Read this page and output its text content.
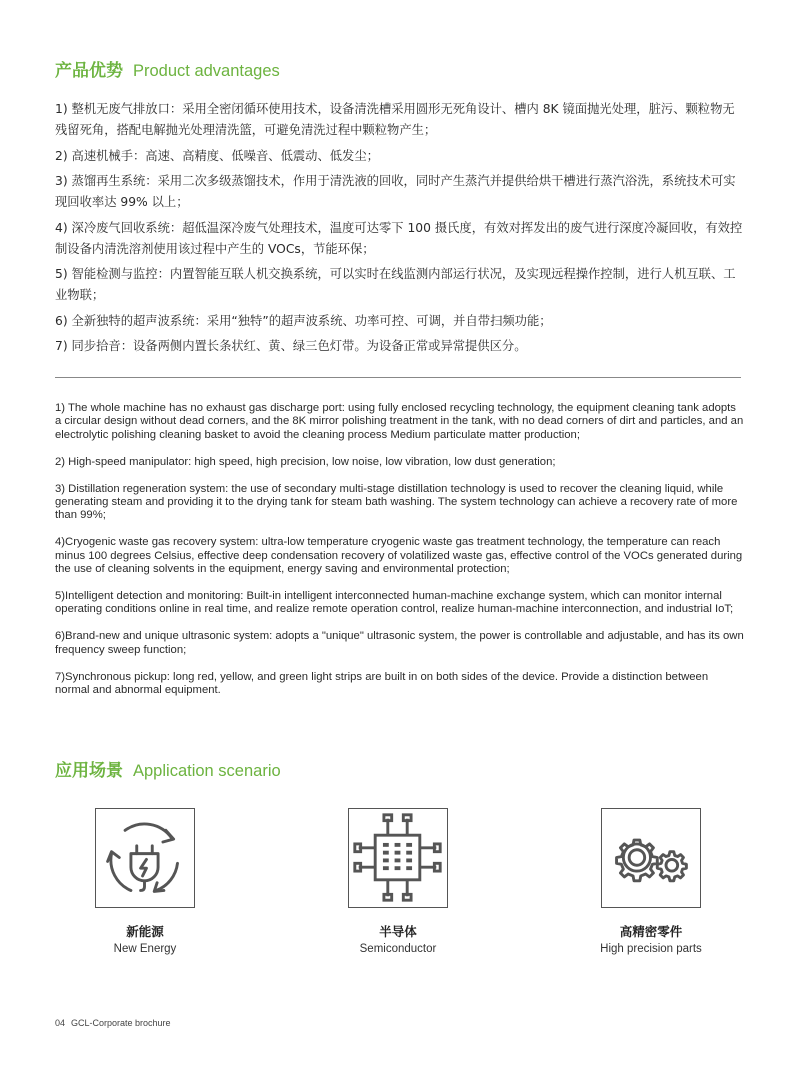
产品优势 Product advantages
1) 整机无废气排放口：采用全密闭循环使用技术，设备清洗槽采用圆形无死角设计、槽内 8K 镜面抛光处理，脏污、颗粒物无残留死角，搭配电解抛光处理清洗篮，可避免清洗过程中颗粒物产生；
2) 高速机械手：高速、高精度、低噪音、低震动、低发尘；
3) 蒸馏再生系统：采用二次多级蒸馏技术，作用于清洗液的回收，同时产生蒸汽并提供给烘干槽进行蒸汽浴洗，系统技术可实现回收率达 99% 以上；
4) 深冷废气回收系统：超低温深冷废气处理技术，温度可达零下 100 摄氏度，有效对挥发出的废气进行深度冷凝回收，有效控制设备内清洗溶剂使用该过程中产生的 VOCs，节能环保；
5) 智能检测与监控：内置智能互联人机交换系统，可以实时在线监测内部运行状况，及实现远程操作控制，进行人机互联、工业物联；
6) 全新独特的超声波系统：采用“独特”的超声波系统、功率可控、可调，并自带扫频功能；
7) 同步拾音：设备两侧内置长条状红、黄、绿三色灯带。为设备正常或异常提供区分。
1) The whole machine has no exhaust gas discharge port: using fully enclosed recycling technology, the equipment cleaning tank adopts a circular design without dead corners, and the 8K mirror polishing treatment in the tank, with no dead corners of dirt and particles, and an electrolytic polishing cleaning basket to avoid the cleaning process Medium particulate matter production;
2) High-speed manipulator: high speed, high precision, low noise, low vibration, low dust generation;
3) Distillation regeneration system: the use of secondary multi-stage distillation technology is used to recover the cleaning liquid, while generating steam and providing it to the drying tank for steam bath washing. The system technology can achieve a recovery rate of more than 99%;
4)Cryogenic waste gas recovery system: ultra-low temperature cryogenic waste gas treatment technology, the temperature can reach minus 100 degrees Celsius, effective deep condensation recovery of volatilized waste gas, effective control of the VOCs generated during the use of cleaning solvents in the equipment, energy saving and environmental protection;
5)Intelligent detection and monitoring: Built-in intelligent interconnected human-machine exchange system, which can monitor internal operating conditions online in real time, and realize remote operation control, realize human-machine interconnection, and industrial IoT;
6)Brand-new and unique ultrasonic system: adopts a "unique" ultrasonic system, the power is controllable and adjustable, and has its own frequency sweep function;
7)Synchronous pickup: long red, yellow, and green light strips are built in on both sides of the device. Provide a distinction between normal and abnormal equipment.
应用场景 Application scenario
新能源
New Energy
半导体
Semiconductor
高精密零件
High precision parts
04 GCL-Corporate brochure
